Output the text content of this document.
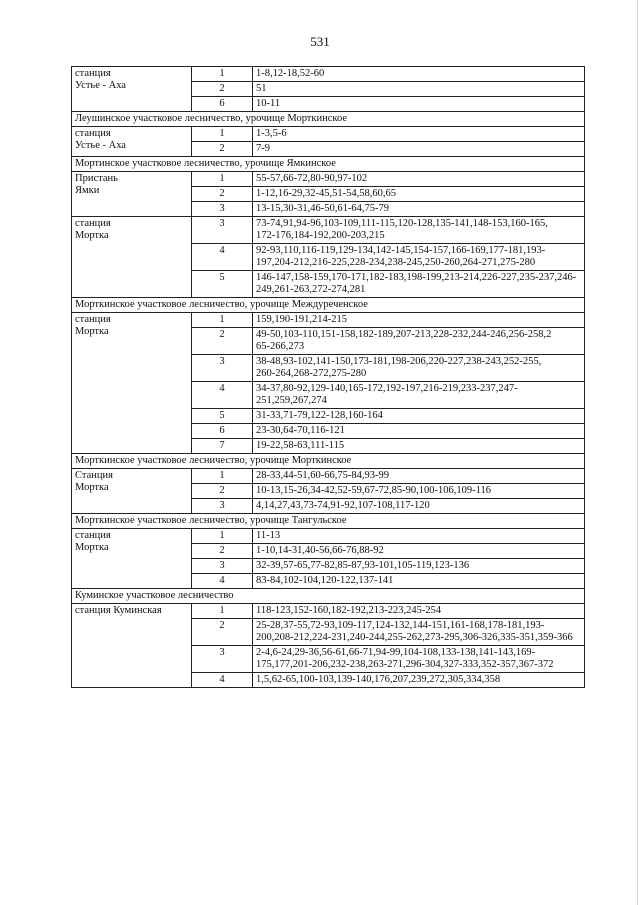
531
станция
Устье - Аха	1	1-8,12-18,52-60
	2	51
	6	10-11
Леушинское участковое лесничество, урочище Морткинское		
станция
Устье - Аха	1	1-3,5-6
	2	7-9
Мортинское участковое лесничество, урочище Ямкинское		
Пристань
Ямки	1	55-57,66-72,80-90,97-102
	2	1-12,16-29,32-45,51-54,58,60,65
	3	13-15,30-31,46-50,61-64,75-79
станция
Мортка	3	73-74,91,94-96,103-109,111-115,120-128,135-141,148-153,160-165,
172-176,184-192,200-203,215
	4	92-93,110,116-119,129-134,142-145,154-157,166-169,177-181,193-197,204-212,216-225,228-234,238-245,250-260,264-271,275-280
	5	146-147,158-159,170-171,182-183,198-199,213-214,226-227,235-237,246-249,261-263,272-274,281
Морткинское участковое лесничество, урочище Междуреченское		
станция
Мортка	1	159,190-191,214-215
	2	49-50,103-110,151-158,182-189,207-213,228-232,244-246,256-258,2
65-266,273
	3	38-48,93-102,141-150,173-181,198-206,220-227,238-243,252-255,
260-264,268-272,275-280
	4	34-37,80-92,129-140,165-172,192-197,216-219,233-237,247-251,259,267,274
	5	31-33,71-79,122-128,160-164
	6	23-30,64-70,116-121
	7	19-22,58-63,111-115
Морткинское участковое лесничество, урочище Морткинское		
Станция
Мортка	1	28-33,44-51,60-66,75-84,93-99
	2	10-13,15-26,34-42,52-59,67-72,85-90,100-106,109-116
	3	4,14,27,43,73-74,91-92,107-108,117-120
Морткинское участковое лесничество, урочище Тангульское		
станция
Мортка	1	11-13
	2	1-10,14-31,40-56,66-76,88-92
	3	32-39,57-65,77-82,85-87,93-101,105-119,123-136
	4	83-84,102-104,120-122,137-141
Куминское участковое лесничество		
станция Куминская	1	118-123,152-160,182-192,213-223,245-254
	2	25-28,37-55,72-93,109-117,124-132,144-151,161-168,178-181,193-200,208-212,224-231,240-244,255-262,273-295,306-326,335-351,359-366
	3	2-4,6-24,29-36,56-61,66-71,94-99,104-108,133-138,141-143,169-175,177,201-206,232-238,263-271,296-304,327-333,352-357,367-372
	4	1,5,62-65,100-103,139-140,176,207,239,272,305,334,358
